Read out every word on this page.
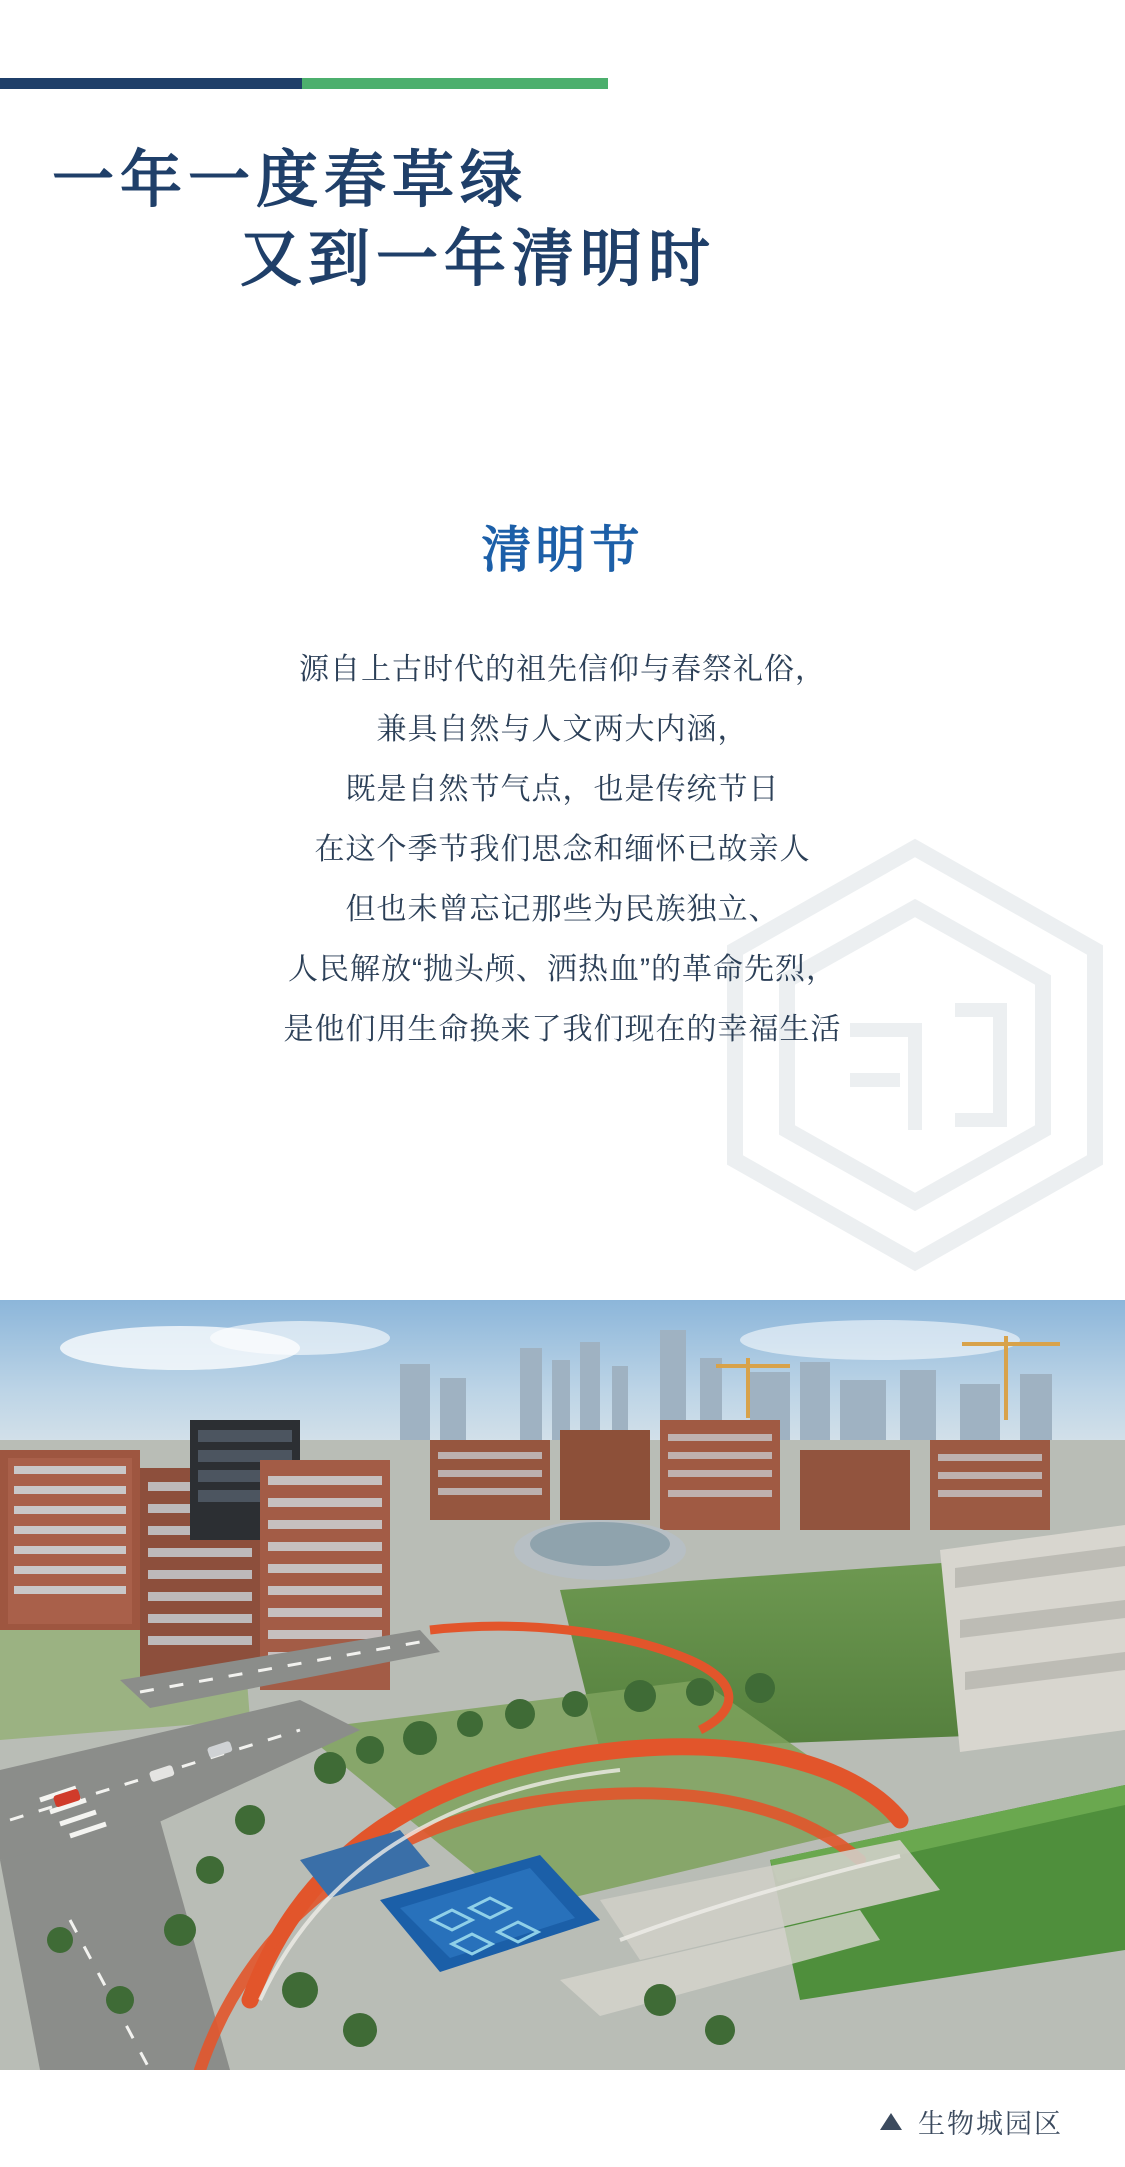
一年一度春草绿
又到一年清明时
清明节

源自上古时代的祖先信仰与春祭礼俗，

兼具自然与人文两大内涵，

既是自然节气点，也是传统节日

在这个季节我们思念和缅怀已故亲人

但也未曾忘记那些为民族独立、

人民解放“抛头颅、洒热血”的革命先烈，

是他们用生命换来了我们现在的幸福生活

生物城园区
